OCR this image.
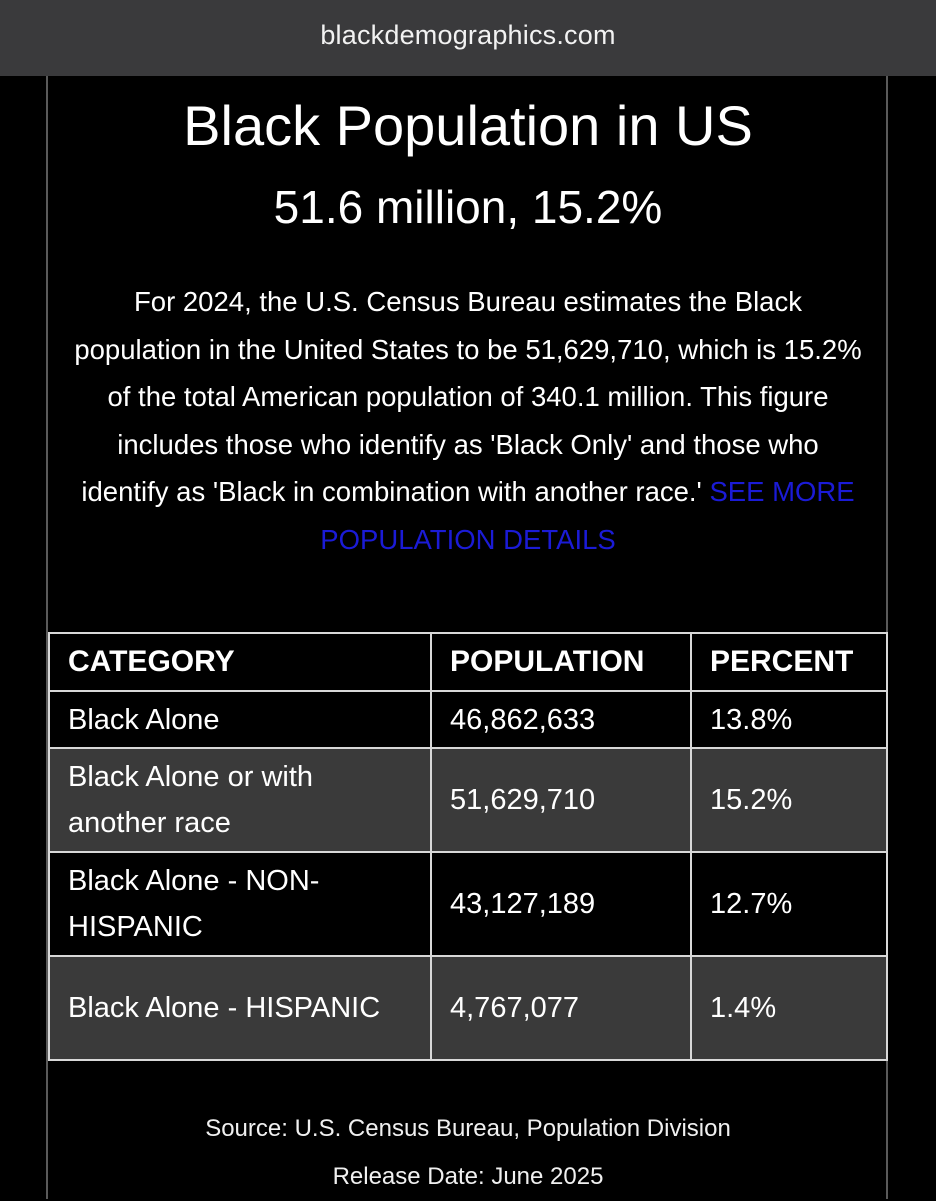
blackdemographics.com
Black Population in US
51.6 million, 15.2%

For 2024, the U.S. Census Bureau estimates the Black population in the United States to be 51,629,710, which is 15.2% of the total American population of 340.1 million. This figure includes those who identify as 'Black Only' and those who identify as 'Black in combination with another race.' SEE MORE POPULATION DETAILS

CATEGORY	POPULATION	PERCENT
Black Alone	46,862,633	13.8%
Black Alone or with another race	51,629,710	15.2%
Black Alone - NON-HISPANIC	43,127,189	12.7%
Black Alone - HISPANIC	4,767,077	1.4%
Source: U.S. Census Bureau, Population Division
Release Date: June 2025
